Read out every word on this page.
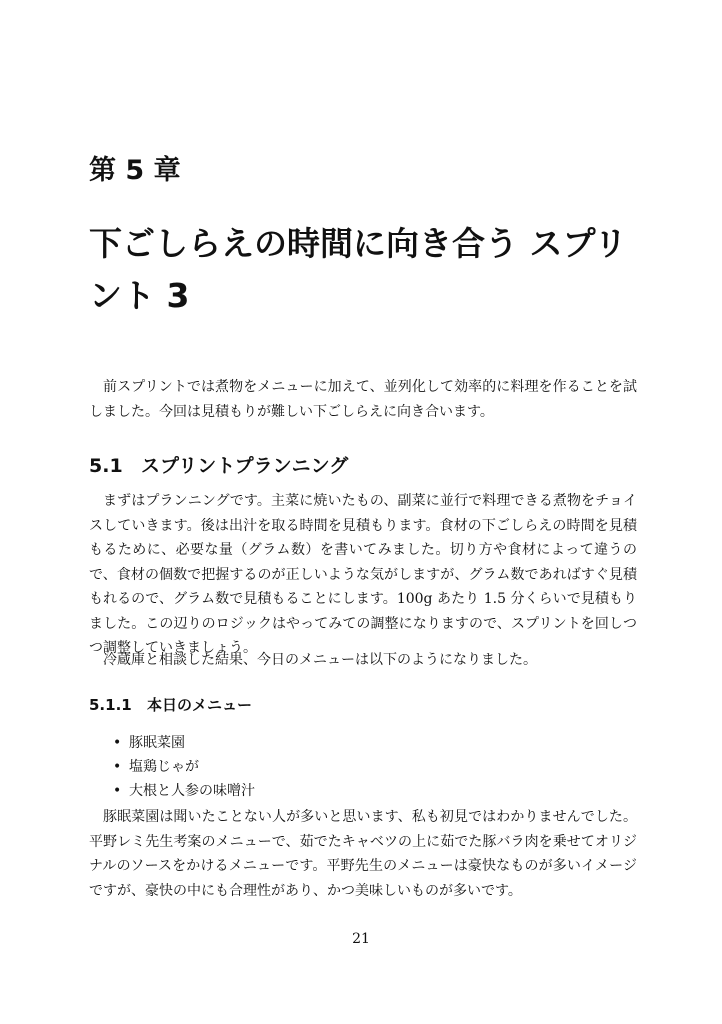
第 5 章
下ごしらえの時間に向き合う スプリント 3

前スプリントでは煮物をメニューに加えて、並列化して効率的に料理を作ることを試しました。今回は見積もりが難しい下ごしらえに向き合います。

5.1 スプリントプランニング

まずはプランニングです。主菜に焼いたもの、副菜に並行で料理できる煮物をチョイスしていきます。後は出汁を取る時間を見積もります。食材の下ごしらえの時間を見積もるために、必要な量（グラム数）を書いてみました。切り方や食材によって違うので、食材の個数で把握するのが正しいような気がしますが、グラム数であればすぐ見積もれるので、グラム数で見積もることにします。100g あたり 1.5 分くらいで見積もりました。この辺りのロジックはやってみての調整になりますので、スプリントを回しつつ調整していきましょう。

冷蔵庫と相談した結果、今日のメニューは以下のようになりました。

5.1.1 本日のメニュー
• 豚眠菜園
• 塩鶏じゃが
• 大根と人参の味噌汁

豚眠菜園は聞いたことない人が多いと思います、私も初見ではわかりませんでした。平野レミ先生考案のメニューで、茹でたキャベツの上に茹でた豚バラ肉を乗せてオリジナルのソースをかけるメニューです。平野先生のメニューは豪快なものが多いイメージですが、豪快の中にも合理性があり、かつ美味しいものが多いです。

21
